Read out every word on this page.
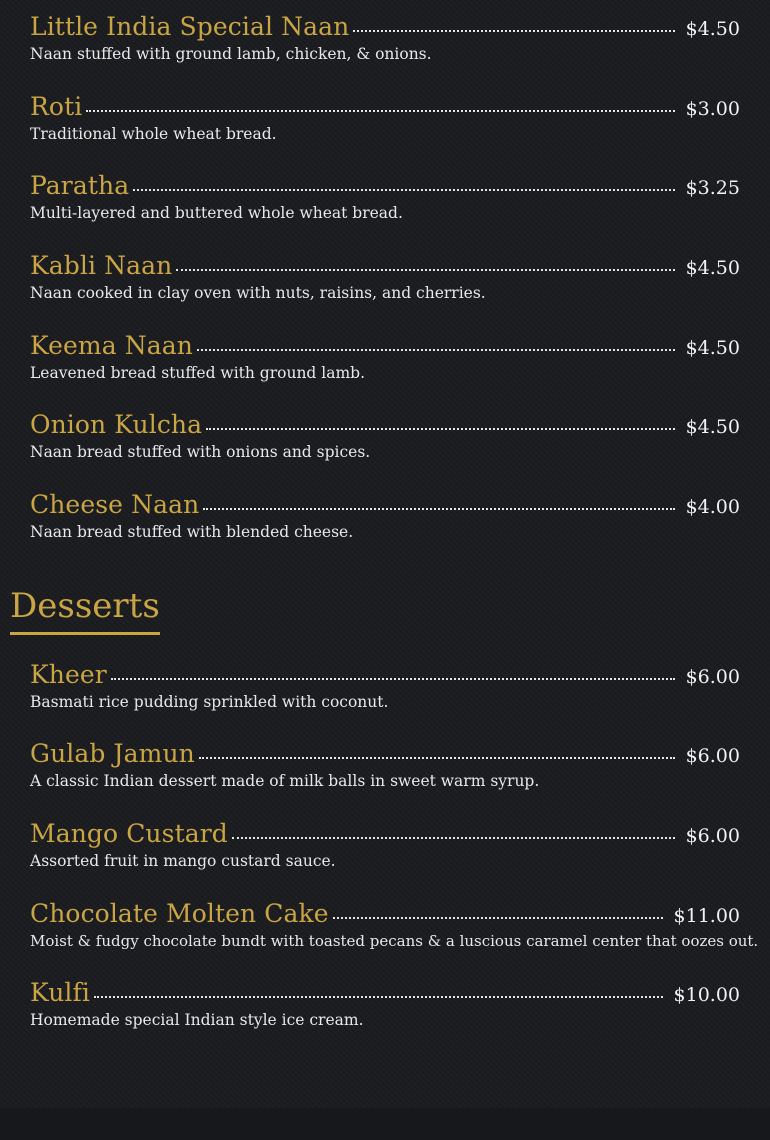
Little India Special Naan	$4.50
Naan stuffed with ground lamb, chicken, & onions.
Roti	$3.00
Traditional whole wheat bread.
Paratha	$3.25
Multi-layered and buttered whole wheat bread.
Kabli Naan	$4.50
Naan cooked in clay oven with nuts, raisins, and cherries.
Keema Naan	$4.50
Leavened bread stuffed with ground lamb.
Onion Kulcha	$4.50
Naan bread stuffed with onions and spices.
Cheese Naan	$4.00
Naan bread stuffed with blended cheese.
Desserts
Kheer	$6.00
Basmati rice pudding sprinkled with coconut.
Gulab Jamun	$6.00
A classic Indian dessert made of milk balls in sweet warm syrup.
Mango Custard	$6.00
Assorted fruit in mango custard sauce.
Chocolate Molten Cake	$11.00
Moist & fudgy chocolate bundt with toasted pecans & a luscious caramel center that oozes out.
Kulfi	$10.00
Homemade special Indian style ice cream.
